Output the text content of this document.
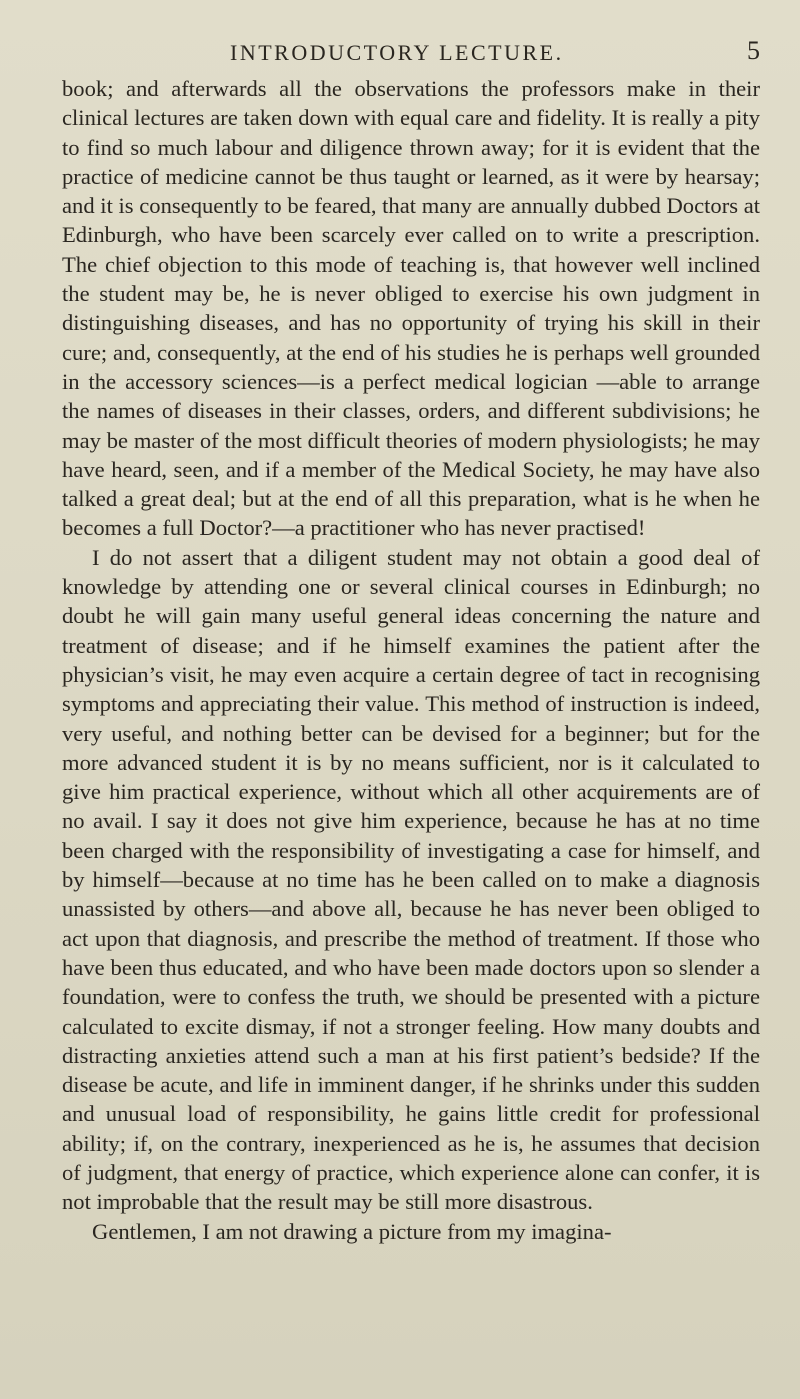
INTRODUCTORY LECTURE.	5

book; and afterwards all the observations the professors make in their clinical lectures are taken down with equal care and fidelity. It is really a pity to find so much labour and diligence thrown away; for it is evident that the practice of medicine cannot be thus taught or learned, as it were by hearsay; and it is consequently to be feared, that many are annually dubbed Doctors at Edinburgh, who have been scarcely ever called on to write a prescription. The chief objection to this mode of teaching is, that however well inclined the student may be, he is never obliged to exercise his own judgment in distinguishing diseases, and has no opportunity of trying his skill in their cure; and, consequently, at the end of his studies he is perhaps well grounded in the accessory sciences—is a perfect medical logician —able to arrange the names of diseases in their classes, orders, and different subdivisions; he may be master of the most difficult theories of modern physiologists; he may have heard, seen, and if a member of the Medical Society, he may have also talked a great deal; but at the end of all this preparation, what is he when he becomes a full Doctor?—a practitioner who has never practised!

I do not assert that a diligent student may not obtain a good deal of knowledge by attending one or several clinical courses in Edinburgh; no doubt he will gain many useful general ideas concerning the nature and treatment of disease; and if he himself examines the patient after the physician’s visit, he may even acquire a certain degree of tact in recognising symptoms and appreciating their value. This method of instruction is indeed, very useful, and nothing better can be devised for a beginner; but for the more advanced student it is by no means sufficient, nor is it calculated to give him practical experience, without which all other acquirements are of no avail. I say it does not give him experience, because he has at no time been charged with the responsibility of investigating a case for himself, and by himself—because at no time has he been called on to make a diagnosis unassisted by others—and above all, because he has never been obliged to act upon that diagnosis, and prescribe the method of treatment. If those who have been thus educated, and who have been made doctors upon so slender a foundation, were to confess the truth, we should be presented with a picture calculated to excite dismay, if not a stronger feeling. How many doubts and distracting anxieties attend such a man at his first patient’s bedside? If the disease be acute, and life in imminent danger, if he shrinks under this sudden and unusual load of responsibility, he gains little credit for professional ability; if, on the contrary, inexperienced as he is, he assumes that decision of judgment, that energy of practice, which experience alone can confer, it is not improbable that the result may be still more disastrous.

Gentlemen, I am not drawing a picture from my imagina-
